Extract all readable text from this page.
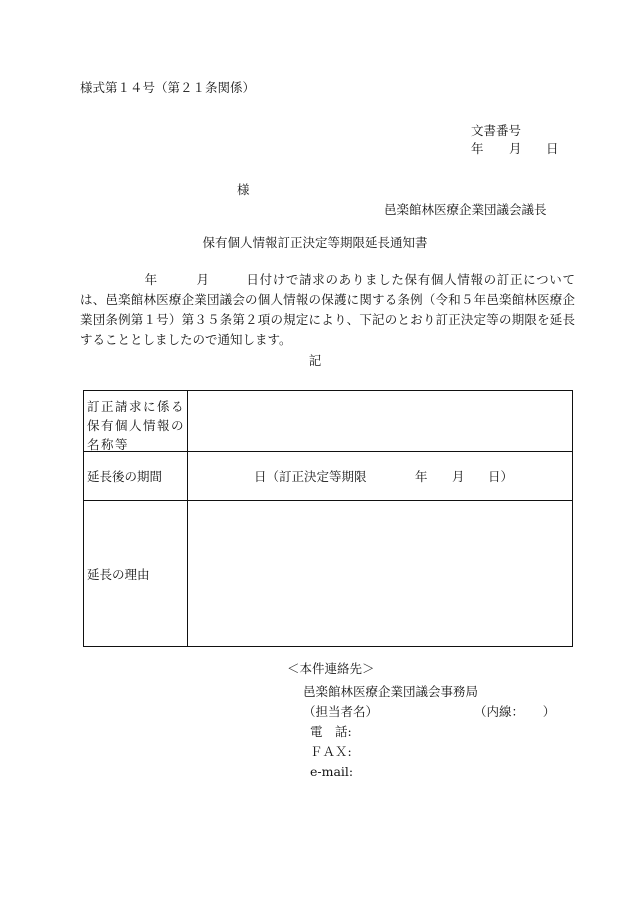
様式第１４号（第２１条関係）
文書番号
年 月 日
様
邑楽館林医療企業団議会議長
保有個人情報訂正決定等期限延長通知書
年	月	日付けで請求のありました保有個人情報の訂正については、邑楽館林医療企業団議会の個人情報の保護に関する条例（令和５年邑楽館林医療企業団条例第１号）第３５条第２項の規定により、下記のとおり訂正決定等の期限を延長することとしましたので通知します。
記
訂正請求に係る保有個人情報の名称等
延長後の期間	日（訂正決定等期限	年 月 日）
延長の理由
＜本件連絡先＞
邑楽館林医療企業団議会事務局
（担当者名）	（内線：　　）
電　話:
ＦＡＸ:
e-mail:
